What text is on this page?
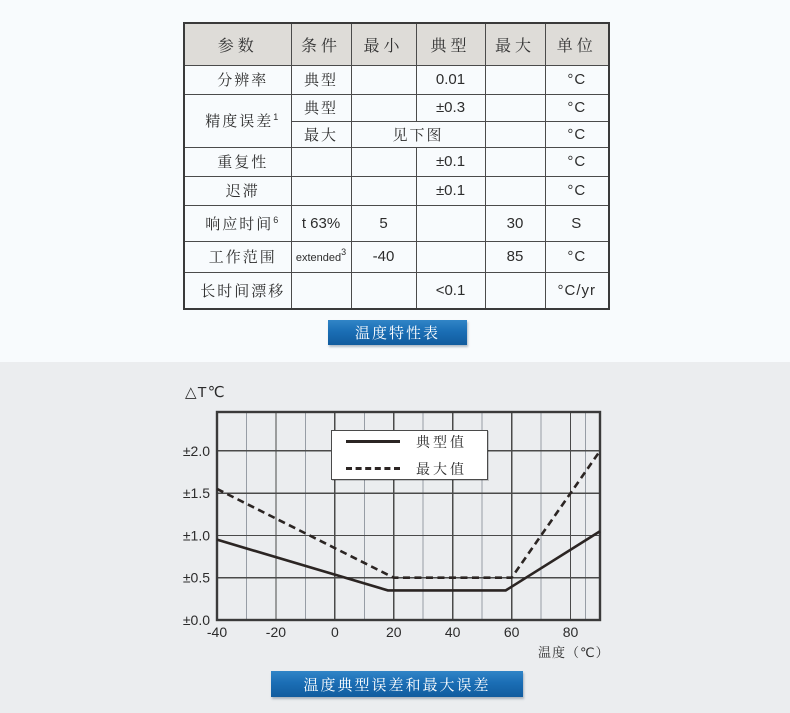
参数	条件	最小	典型	最大	单位
分辨率	典型		0.01		°C
精度误差$^1$	典型		±0.3		°C
	最大	见下图			°C
重复性			±0.1		°C
迟滞			±0.1		°C
响应时间$^6$	t 63%	5		30	S
工作范围	extended$^3$	-40		85	°C
长时间漂移			<0.1		°C/yr
温度特性表
±0.0
±0.5
±1.0
±1.5
±2.0
-40	-20	0	20	40	60	80
△T℃
温度（℃）
典型值
最大值
温度典型误差和最大误差
